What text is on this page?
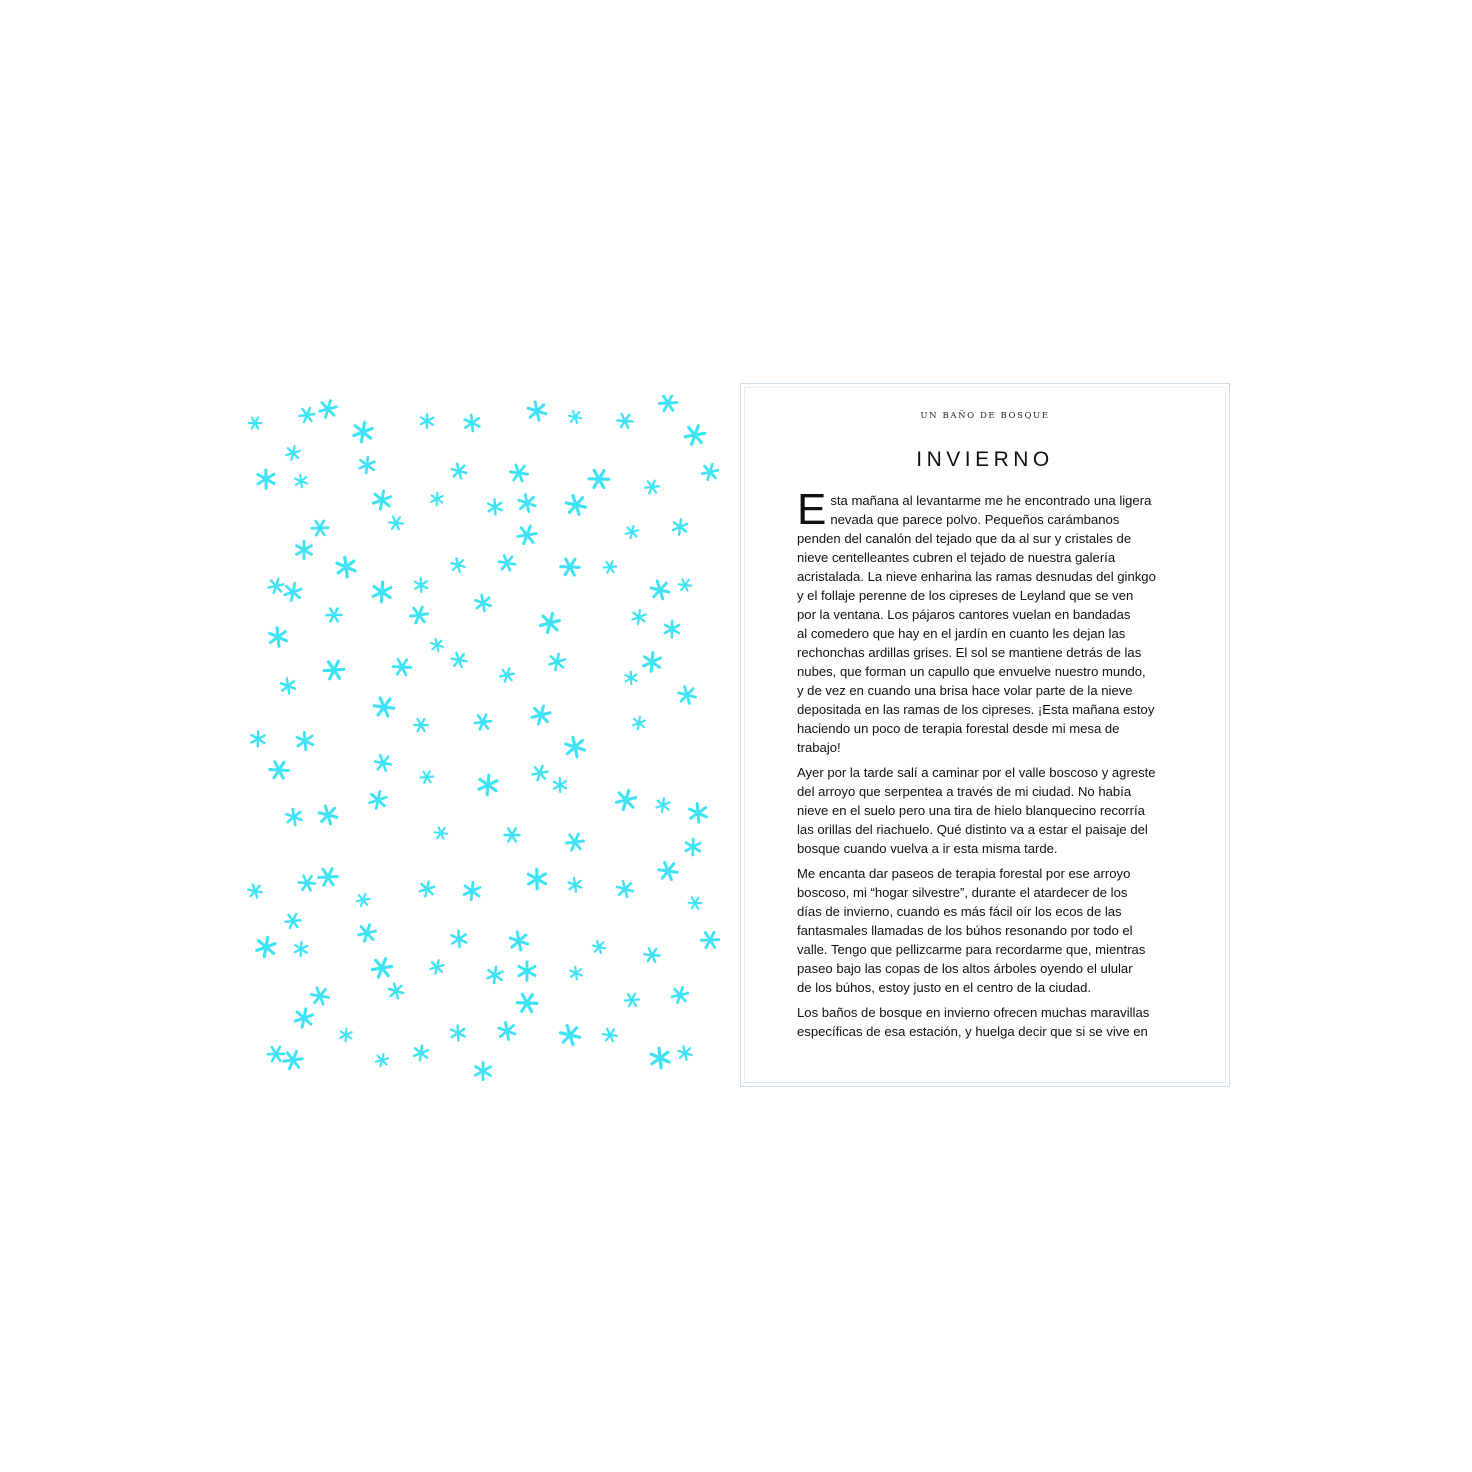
UN BAÑO DE BOSQUE
INVIERNO

E sta mañana al levantarme me he encontrado una ligera
nevada que parece polvo. Pequeños carámbanos
penden del canalón del tejado que da al sur y cristales de
nieve centelleantes cubren el tejado de nuestra galería
acristalada. La nieve enharina las ramas desnudas del ginkgo
y el follaje perenne de los cipreses de Leyland que se ven
por la ventana. Los pájaros cantores vuelan en bandadas
al comedero que hay en el jardín en cuanto les dejan las
rechonchas ardillas grises. El sol se mantiene detrás de las
nubes, que forman un capullo que envuelve nuestro mundo,
y de vez en cuando una brisa hace volar parte de la nieve
depositada en las ramas de los cipreses. ¡Esta mañana estoy
haciendo un poco de terapia forestal desde mi mesa de
trabajo!

Ayer por la tarde salí a caminar por el valle boscoso y agreste
del arroyo que serpentea a través de mi ciudad. No había
nieve en el suelo pero una tira de hielo blanquecino recorría
las orillas del riachuelo. Qué distinto va a estar el paisaje del
bosque cuando vuelva a ir esta misma tarde.

Me encanta dar paseos de terapia forestal por ese arroyo
boscoso, mi “hogar silvestre”, durante el atardecer de los
días de invierno, cuando es más fácil oír los ecos de las
fantasmales llamadas de los búhos resonando por todo el
valle. Tengo que pellizcarme para recordarme que, mientras
paseo bajo las copas de los altos árboles oyendo el ulular
de los búhos, estoy justo en el centro de la ciudad.

Los baños de bosque en invierno ofrecen muchas maravillas
específicas de esa estación, y huelga decir que si se vive en
